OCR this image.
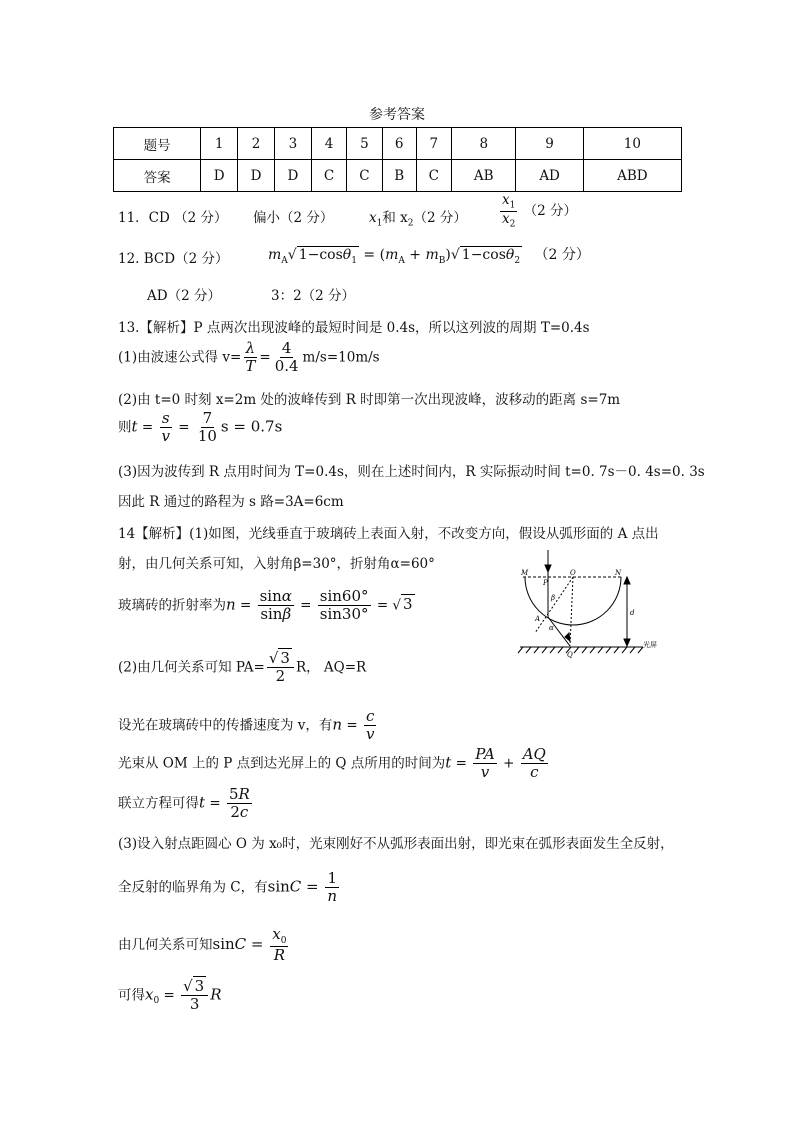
参考答案
题号	1	2	3	4	5	6	7	8	9	10
答案	D	D	D	C	C	B	C	AB	AD	ABD
11．CD （2 分） 偏小（2 分）	$x_1$和 $x_2(2$ 分） $\frac{x_1}{x_2} (2$ 分）
12. BCD（2 分）	$m_A√$ $1-\cos\theta_1 = (m_A + m_B)√$ 1−cosθ$_2$ （2 分）
AD（2 分）	3：2（2 分）
13.【解析】P 点两次出现波峰的最短时间是 0.4s，所以这列波的周期 T=0.4s
(1)由波速公式得 $v= \frac{\lambda}{T} = \frac{4}{0.4} m/s=10m/s$
(2)由 t=0 时刻 x=2m 处的波峰传到 R 时即第一次出现波峰，波移动的距离 s=7m
则$t = \frac{s}{v} = \frac{7}{10}$ s = 0.7s
(3)因为波传到 R 点用时间为 T=0.4s，则在上述时间内，R 实际振动时间 t=0. 7s－0. 4s=0. 3s
因此 R 通过的路程为 s 路=3A=6cm
14【解析】(1)如图，光线垂直于玻璃砖上表面入射，不改变方向，假设从弧形面的 A 点出
射，由几何关系可知，入射角β=30°，折射角α=60°
玻璃砖的折射率为$n = \frac{\sin\alpha}{\sin\beta} = \frac{\sin 60^\circ}{\sin 30^\circ}$ = √ 3
(2)由几何关系可知 $PA= \frac{√ 3}{2}$ R， AQ=R
设光在玻璃砖中的传播速度为 v，有$n = \frac{c}{v}$
光束从 OM 上的 P 点到达光屏上的 Q 点所用的时间为$t = \frac{PA}{v} + \frac{AQ}{c}$
联立方程可得$t = \frac{5R}{2c}$
(3)设入射点距圆心 O 为 x₀时，光束刚好不从弧形表面出射，即光束在弧形表面发生全反射，
全反射的临界角为 C，有$\sin C = \frac{1}{n}$
由几何关系可知$\sin C = \frac{x_0}{R}$
可得$x_0 = \frac{√ 3}{3}$ R
M
P
O	N
A
Q
β
α
d
光屏
